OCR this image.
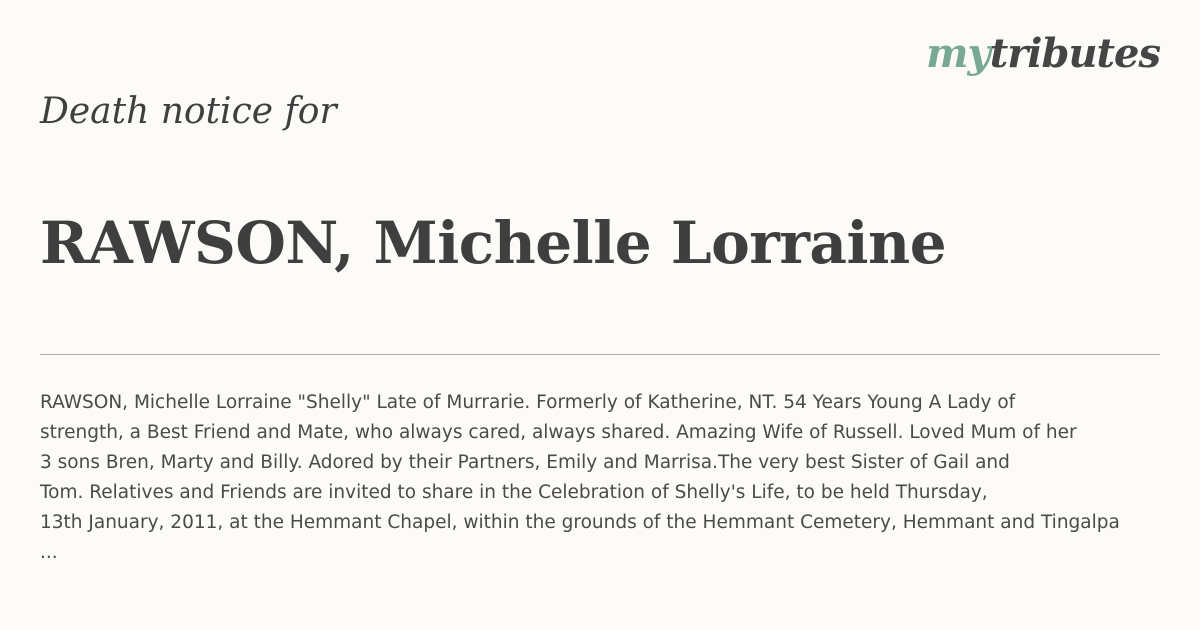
mytributes
Death notice for
RAWSON, Michelle Lorraine
RAWSON, Michelle Lorraine "Shelly" Late of Murrarie. Formerly of Katherine, NT. 54 Years Young A Lady of
strength, a Best Friend and Mate, who always cared, always shared. Amazing Wife of Russell. Loved Mum of her
3 sons Bren, Marty and Billy. Adored by their Partners, Emily and Marrisa.The very best Sister of Gail and
Tom. Relatives and Friends are invited to share in the Celebration of Shelly's Life, to be held Thursday,
13th January, 2011, at the Hemmant Chapel, within the grounds of the Hemmant Cemetery, Hemmant and Tingalpa
...
